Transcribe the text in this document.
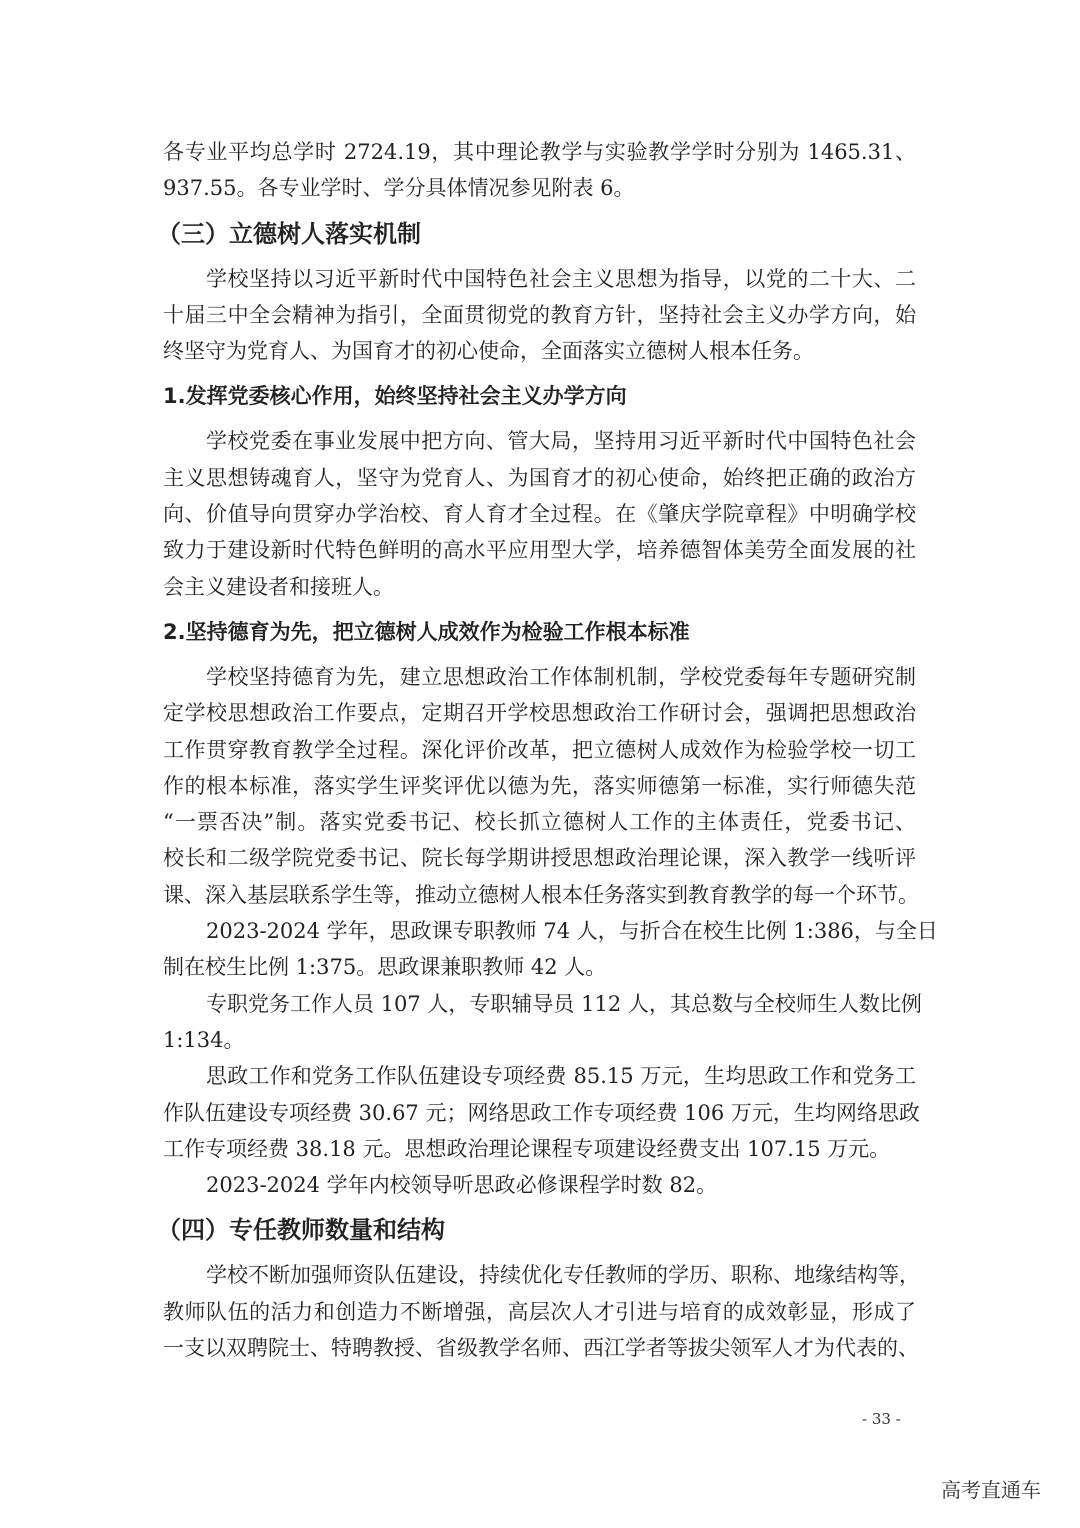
各专业平均总学时 2724.19，其中理论教学与实验教学学时分别为 1465.31、
937.55。各专业学时、学分具体情况参见附表 6。
（三）立德树人落实机制
学校坚持以习近平新时代中国特色社会主义思想为指导，以党的二十大、二
十届三中全会精神为指引，全面贯彻党的教育方针，坚持社会主义办学方向，始
终坚守为党育人、为国育才的初心使命，全面落实立德树人根本任务。
1.发挥党委核心作用，始终坚持社会主义办学方向
学校党委在事业发展中把方向、管大局，坚持用习近平新时代中国特色社会
主义思想铸魂育人，坚守为党育人、为国育才的初心使命，始终把正确的政治方
向、价值导向贯穿办学治校、育人育才全过程。在《肇庆学院章程》中明确学校
致力于建设新时代特色鲜明的高水平应用型大学，培养德智体美劳全面发展的社
会主义建设者和接班人。
2.坚持德育为先，把立德树人成效作为检验工作根本标准
学校坚持德育为先，建立思想政治工作体制机制，学校党委每年专题研究制
定学校思想政治工作要点，定期召开学校思想政治工作研讨会，强调把思想政治
工作贯穿教育教学全过程。深化评价改革，把立德树人成效作为检验学校一切工
作的根本标准，落实学生评奖评优以德为先，落实师德第一标准，实行师德失范
“一票否决”制。落实党委书记、校长抓立德树人工作的主体责任，党委书记、
校长和二级学院党委书记、院长每学期讲授思想政治理论课，深入教学一线听评
课、深入基层联系学生等，推动立德树人根本任务落实到教育教学的每一个环节。
2023-2024 学年，思政课专职教师 74 人，与折合在校生比例 1:386，与全日
制在校生比例 1:375。思政课兼职教师 42 人。
专职党务工作人员 107 人，专职辅导员 112 人，其总数与全校师生人数比例
1:134。
思政工作和党务工作队伍建设专项经费 85.15 万元，生均思政工作和党务工
作队伍建设专项经费 30.67 元；网络思政工作专项经费 106 万元，生均网络思政
工作专项经费 38.18 元。思想政治理论课程专项建设经费支出 107.15 万元。
2023-2024 学年内校领导听思政必修课程学时数 82。
（四）专任教师数量和结构
学校不断加强师资队伍建设，持续优化专任教师的学历、职称、地缘结构等，
教师队伍的活力和创造力不断增强，高层次人才引进与培育的成效彰显，形成了
一支以双聘院士、特聘教授、省级教学名师、西江学者等拔尖领军人才为代表的、
- 33 -
高考直通车
